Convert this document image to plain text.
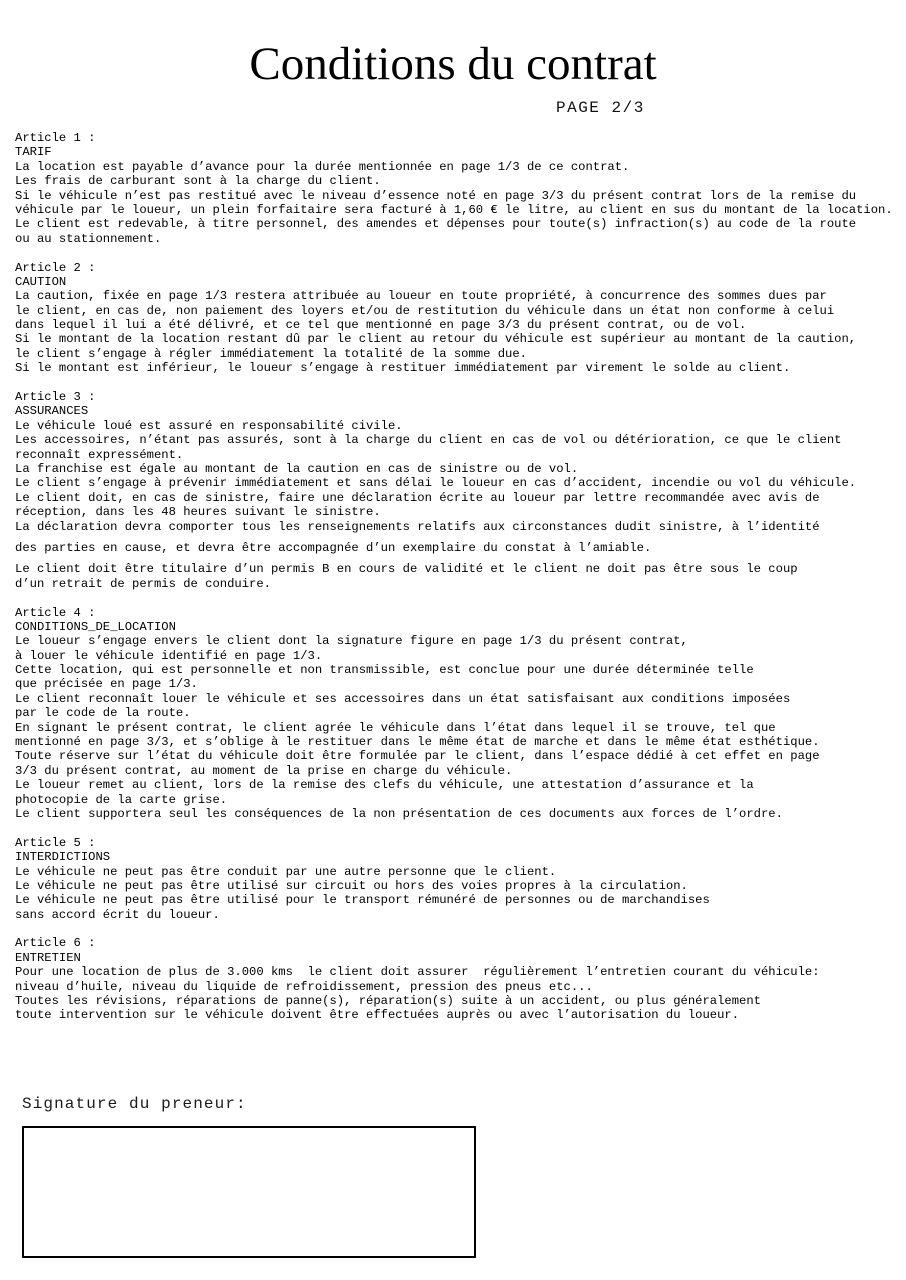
Conditions du contrat
PAGE 2/3
Article 1 :
TARIF
La location est payable d’avance pour la durée mentionnée en page 1/3 de ce contrat.
Les frais de carburant sont à la charge du client.
Si le véhicule n’est pas restitué avec le niveau d’essence noté en page 3/3 du présent contrat lors de la remise du
véhicule par le loueur, un plein forfaitaire sera facturé à 1,60 € le litre, au client en sus du montant de la location.
Le client est redevable, à titre personnel, des amendes et dépenses pour toute(s) infraction(s) au code de la route
ou au stationnement.
Article 2 :
CAUTION
La caution, fixée en page 1/3 restera attribuée au loueur en toute propriété, à concurrence des sommes dues par
le client, en cas de, non paiement des loyers et/ou de restitution du véhicule dans un état non conforme à celui
dans lequel il lui a été délivré, et ce tel que mentionné en page 3/3 du présent contrat, ou de vol.
Si le montant de la location restant dû par le client au retour du véhicule est supérieur au montant de la caution,
le client s’engage à régler immédiatement la totalité de la somme due.
Si le montant est inférieur, le loueur s’engage à restituer immédiatement par virement le solde au client.
Article 3 :
ASSURANCES
Le véhicule loué est assuré en responsabilité civile.
Les accessoires, n’étant pas assurés, sont à la charge du client en cas de vol ou détérioration, ce que le client
reconnaît expressément.
La franchise est égale au montant de la caution en cas de sinistre ou de vol.
Le client s’engage à prévenir immédiatement et sans délai le loueur en cas d’accident, incendie ou vol du véhicule.
Le client doit, en cas de sinistre, faire une déclaration écrite au loueur par lettre recommandée avec avis de
réception, dans les 48 heures suivant le sinistre.
La déclaration devra comporter tous les renseignements relatifs aux circonstances dudit sinistre, à l’identité
des parties en cause, et devra être accompagnée d’un exemplaire du constat à l’amiable.
Le client doit être titulaire d’un permis B en cours de validité et le client ne doit pas être sous le coup
d’un retrait de permis de conduire.
Article 4 :
CONDITIONS_DE_LOCATION
Le loueur s’engage envers le client dont la signature figure en page 1/3 du présent contrat,
à louer le véhicule identifié en page 1/3.
Cette location, qui est personnelle et non transmissible, est conclue pour une durée déterminée telle
que précisée en page 1/3.
Le client reconnaît louer le véhicule et ses accessoires dans un état satisfaisant aux conditions imposées
par le code de la route.
En signant le présent contrat, le client agrée le véhicule dans l’état dans lequel il se trouve, tel que
mentionné en page 3/3, et s’oblige à le restituer dans le même état de marche et dans le même état esthétique.
Toute réserve sur l’état du véhicule doit être formulée par le client, dans l’espace dédié à cet effet en page
3/3 du présent contrat, au moment de la prise en charge du véhicule.
Le loueur remet au client, lors de la remise des clefs du véhicule, une attestation d’assurance et la
photocopie de la carte grise.
Le client supportera seul les conséquences de la non présentation de ces documents aux forces de l’ordre.
Article 5 :
INTERDICTIONS
Le véhicule ne peut pas être conduit par une autre personne que le client.
Le véhicule ne peut pas être utilisé sur circuit ou hors des voies propres à la circulation.
Le véhicule ne peut pas être utilisé pour le transport rémunéré de personnes ou de marchandises
sans accord écrit du loueur.
Article 6 :
ENTRETIEN
Pour une location de plus de 3.000 kms  le client doit assurer  régulièrement l’entretien courant du véhicule:
niveau d’huile, niveau du liquide de refroidissement, pression des pneus etc...
Toutes les révisions, réparations de panne(s), réparation(s) suite à un accident, ou plus généralement
toute intervention sur le véhicule doivent être effectuées auprès ou avec l’autorisation du loueur.
Signature du preneur:
